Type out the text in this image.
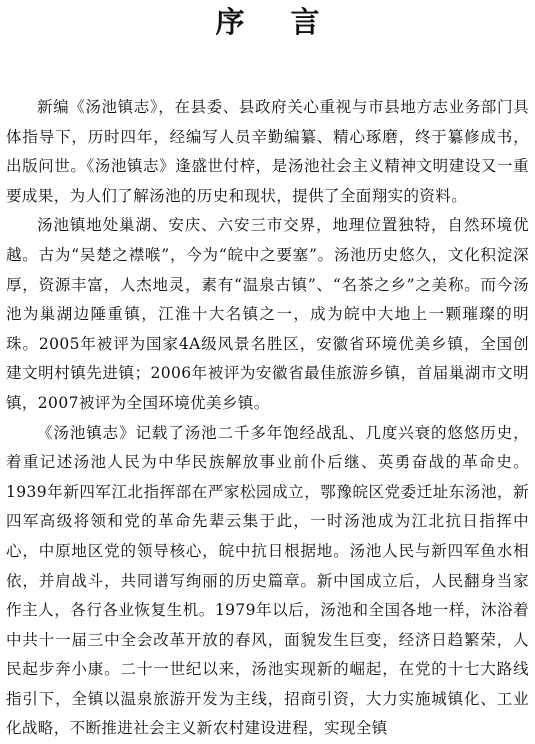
序言

新编《汤池镇志》，在县委、县政府关心重视与市县地方志业务部门具体指导下，历时四年，经编写人员辛勤编纂、精心琢磨，终于纂修成书，出版问世。《汤池镇志》逢盛世付梓，是汤池社会主义精神文明建设又一重要成果，为人们了解汤池的历史和现状，提供了全面翔实的资料。

汤池镇地处巢湖、安庆、六安三市交界，地理位置独特，自然环境优越。古为“吴楚之襟喉”，今为“皖中之要塞”。汤池历史悠久，文化积淀深厚，资源丰富，人杰地灵，素有“温泉古镇”、“名茶之乡”之美称。而今汤池为巢湖边陲重镇，江淮十大名镇之一，成为皖中大地上一颗璀璨的明珠。2005年被评为国家4A级风景名胜区，安徽省环境优美乡镇，全国创建文明村镇先进镇；2006年被评为安徽省最佳旅游乡镇，首届巢湖市文明镇，2007被评为全国环境优美乡镇。

《汤池镇志》记载了汤池二千多年饱经战乱、几度兴衰的悠悠历史，着重记述汤池人民为中华民族解放事业前仆后继、英勇奋战的革命史。1939年新四军江北指挥部在严家松园成立，鄂豫皖区党委迁址东汤池，新四军高级将领和党的革命先辈云集于此，一时汤池成为江北抗日指挥中心，中原地区党的领导核心，皖中抗日根据地。汤池人民与新四军鱼水相依，并肩战斗，共同谱写绚丽的历史篇章。新中国成立后，人民翻身当家作主人，各行各业恢复生机。1979年以后，汤池和全国各地一样，沐浴着中共十一届三中全会改革开放的春风，面貌发生巨变，经济日趋繁荣，人民起步奔小康。二十一世纪以来，汤池实现新的崛起，在党的十七大路线指引下，全镇以温泉旅游开发为主线，招商引资，大力实施城镇化、工业化战略，不断推进社会主义新农村建设进程，实现全镇
